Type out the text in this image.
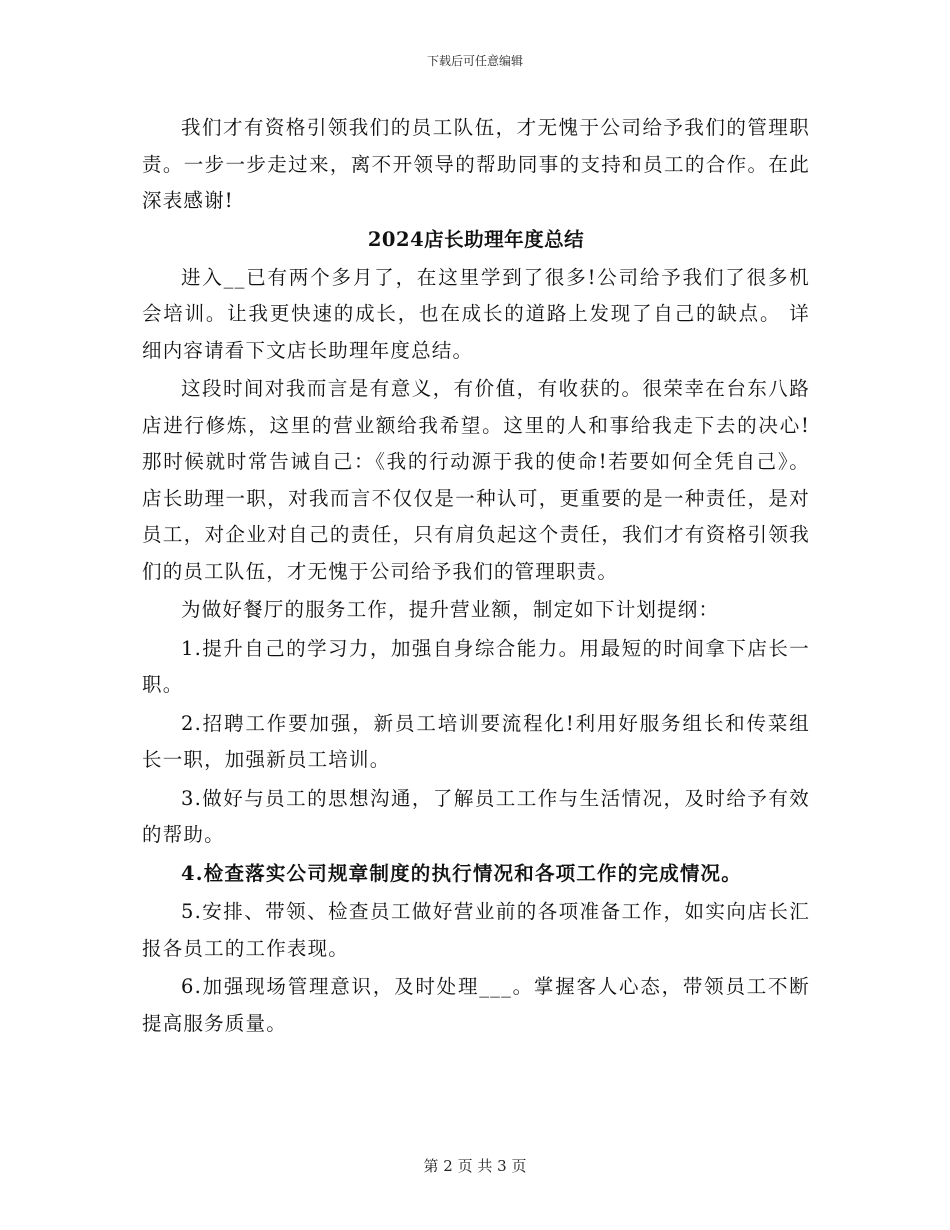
下载后可任意编辑

我们才有资格引领我们的员工队伍，才无愧于公司给予我们的管理职责。一步一步走过来，离不开领导的帮助同事的支持和员工的合作。在此深表感谢!

2024店长助理年度总结

进入__已有两个多月了，在这里学到了很多!公司给予我们了很多机会培训。让我更快速的成长，也在成长的道路上发现了自己的缺点。 详细内容请看下文店长助理年度总结。

这段时间对我而言是有意义，有价值，有收获的。很荣幸在台东八路店进行修炼，这里的营业额给我希望。这里的人和事给我走下去的决心!那时候就时常告诫自己：《我的行动源于我的使命!若要如何全凭自己》。店长助理一职，对我而言不仅仅是一种认可，更重要的是一种责任，是对员工，对企业对自己的责任，只有肩负起这个责任，我们才有资格引领我们的员工队伍，才无愧于公司给予我们的管理职责。

为做好餐厅的服务工作，提升营业额，制定如下计划提纲：

1.提升自己的学习力，加强自身综合能力。用最短的时间拿下店长一职。

2.招聘工作要加强，新员工培训要流程化!利用好服务组长和传菜组长一职，加强新员工培训。

3.做好与员工的思想沟通，了解员工工作与生活情况，及时给予有效的帮助。

4.检查落实公司规章制度的执行情况和各项工作的完成情况。

5.安排、带领、检查员工做好营业前的各项准备工作，如实向店长汇报各员工的工作表现。

6.加强现场管理意识，及时处理___。掌握客人心态，带领员工不断提高服务质量。

第 2 页 共 3 页
